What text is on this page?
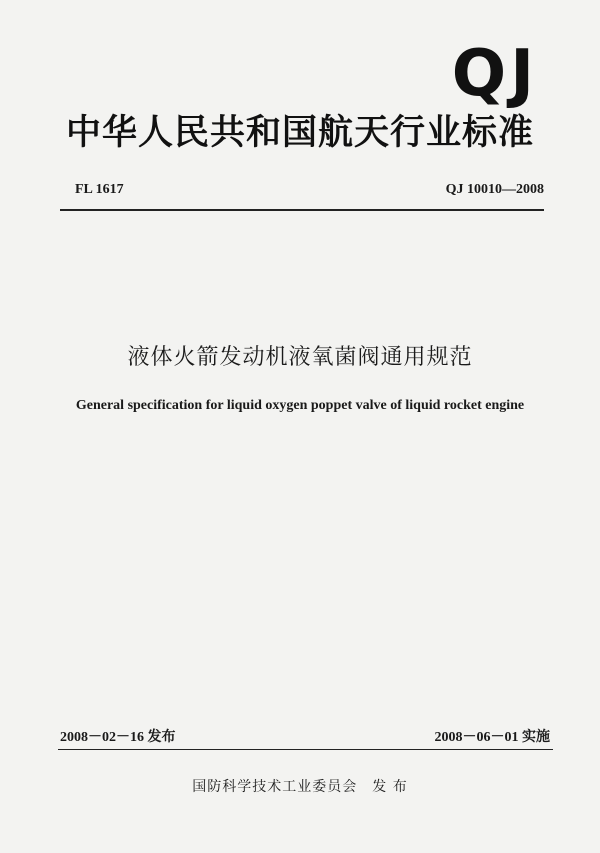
QJ
中华人民共和国航天行业标准
FL 1617	QJ 10010—2008
液体火箭发动机液氧菌阀通用规范
General specification for liquid oxygen poppet valve of liquid rocket engine
2008－02－16 发布	2008－06－01 实施
国防科学技术工业委员会　发 布
